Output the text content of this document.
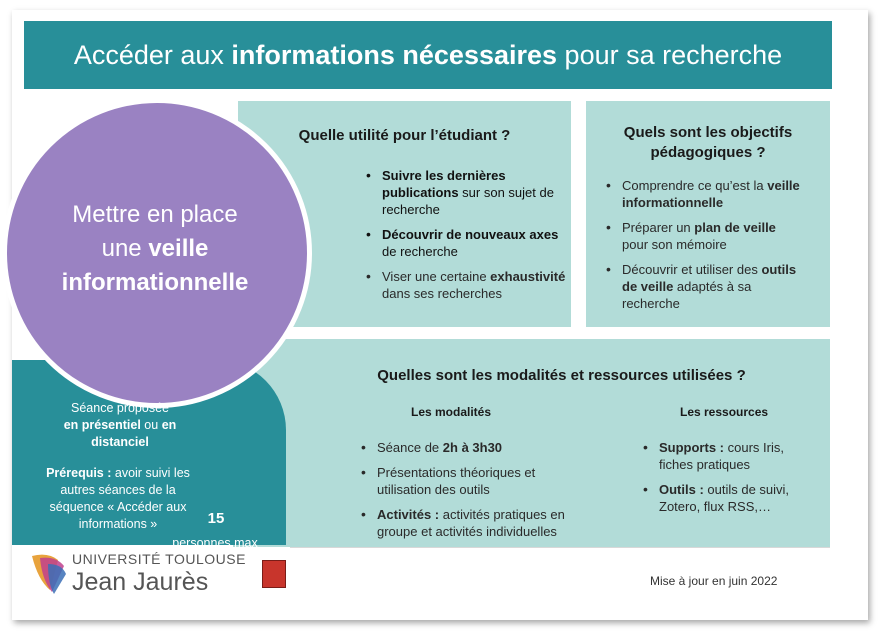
Accéder aux informations nécessaires pour sa recherche
Quelle utilité pour l’étudiant ?
• Suivre les dernières publications sur son sujet de recherche
• Découvrir de nouveaux axes de recherche
• Viser une certaine exhaustivité dans ses recherches
Quels sont les objectifs
pédagogiques ?
• Comprendre ce qu’est la veille informationnelle
• Préparer un plan de veille pour son mémoire
• Découvrir et utiliser des outils de veille adaptés à sa recherche
Quelles sont les modalités et ressources utilisées ?
Les modalités	Les ressources
• Séance de 2h à 3h30
• Présentations théoriques et utilisation des outils
• Activités : activités pratiques en groupe et activités individuelles
• Supports : cours Iris, fiches pratiques
• Outils : outils de suivi, Zotero, flux RSS,…
Mettre en place
une veille
informationnelle
Séance proposée
en présentiel ou en
distanciel
Prérequis : avoir suivi les
autres séances de la
séquence « Accéder aux
informations »	15
personnes max
UNIVERSITÉ TOULOUSE
Jean Jaurès	Mise à jour en juin 2022
